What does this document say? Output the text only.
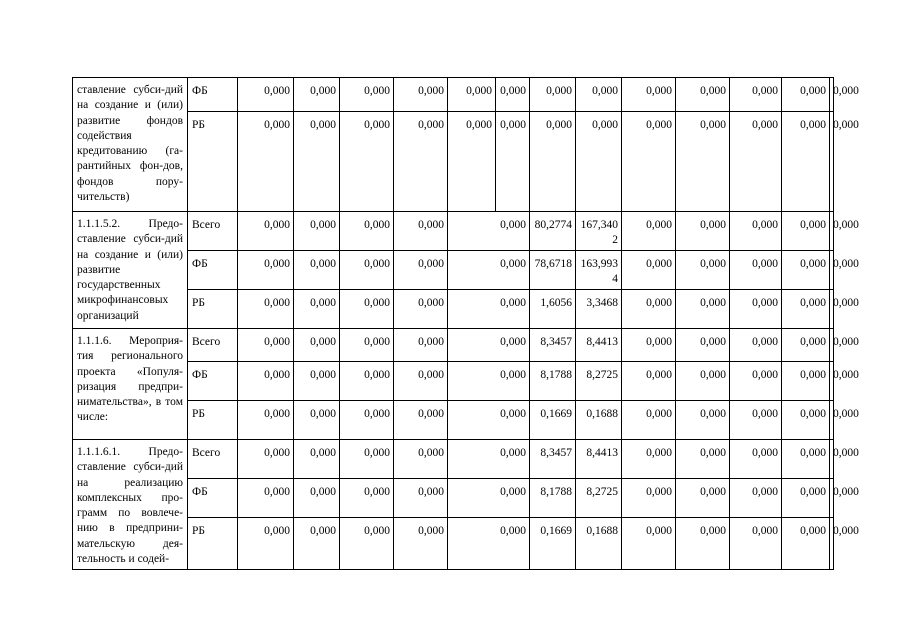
ставление субси-дий на создание и (или) развитие фондов содействия кредитованию (га-рантийных фон-дов, фондов пору-чительств)	ФБ	0,000	0,000	0,000	0,000	0,000	0,000	0,000	0,000	0,000	0,000	0,000	0,000	0,000
	РБ	0,000	0,000	0,000	0,000	0,000	0,000	0,000	0,000	0,000	0,000	0,000	0,000	0,000
1.1.1.5.2. Предо-ставление субси-дий на создание и (или) развитие государственных микрофинансовых организаций	Всего	0,000	0,000	0,000	0,000	0,000		80,2774	167,3402	0,000	0,000	0,000	0,000	0,000
	ФБ	0,000	0,000	0,000	0,000	0,000		78,6718	163,9934	0,000	0,000	0,000	0,000	0,000
	РБ	0,000	0,000	0,000	0,000	0,000		1,6056	3,3468	0,000	0,000	0,000	0,000	0,000
1.1.1.6. Мероприя-тия регионального проекта «Популя-ризация предпри-нимательства», в том числе:	Всего	0,000	0,000	0,000	0,000	0,000		8,3457	8,4413	0,000	0,000	0,000	0,000	0,000
	ФБ	0,000	0,000	0,000	0,000	0,000		8,1788	8,2725	0,000	0,000	0,000	0,000	0,000
	РБ	0,000	0,000	0,000	0,000	0,000		0,1669	0,1688	0,000	0,000	0,000	0,000	0,000
1.1.1.6.1. Предо-ставление субси-дий на реализацию комплексных про-грамм по вовлече-нию в предприни-мательскую дея-тельность и содей-	Всего	0,000	0,000	0,000	0,000	0,000		8,3457	8,4413	0,000	0,000	0,000	0,000	0,000
	ФБ	0,000	0,000	0,000	0,000	0,000		8,1788	8,2725	0,000	0,000	0,000	0,000	0,000
	РБ	0,000	0,000	0,000	0,000	0,000		0,1669	0,1688	0,000	0,000	0,000	0,000	0,000
